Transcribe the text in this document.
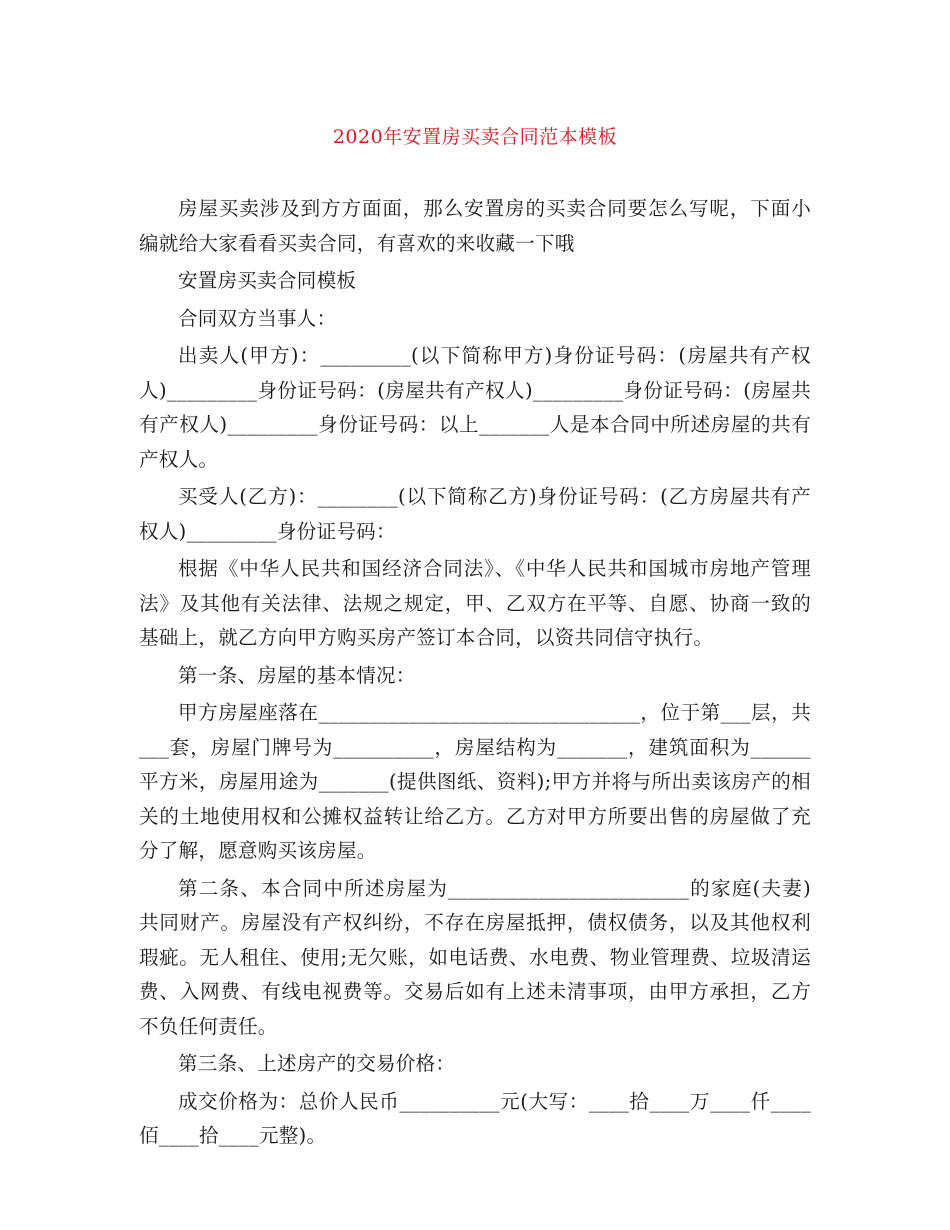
2020年安置房买卖合同范本模板

房屋买卖涉及到方方面面，那么安置房的买卖合同要怎么写呢，下面小编就给大家看看买卖合同，有喜欢的来收藏一下哦

安置房买卖合同模板

合同双方当事人：

出卖人(甲方)：_________(以下简称甲方)身份证号码：(房屋共有产权人)_________身份证号码：(房屋共有产权人)_________身份证号码：(房屋共有产权人)_________身份证号码：以上_______人是本合同中所述房屋的共有产权人。

买受人(乙方)：________(以下简称乙方)身份证号码：(乙方房屋共有产权人)_________身份证号码：

根据《中华人民共和国经济合同法》、《中华人民共和国城市房地产管理法》及其他有关法律、法规之规定，甲、乙双方在平等、自愿、协商一致的基础上，就乙方向甲方购买房产签订本合同，以资共同信守执行。

第一条、房屋的基本情况：

甲方房屋座落在________________________________，位于第___层，共___套，房屋门牌号为__________，房屋结构为_______，建筑面积为______平方米，房屋用途为_______(提供图纸、资料);甲方并将与所出卖该房产的相关的土地使用权和公摊权益转让给乙方。乙方对甲方所要出售的房屋做了充分了解，愿意购买该房屋。

第二条、本合同中所述房屋为________________________的家庭(夫妻)共同财产。房屋没有产权纠纷，不存在房屋抵押，债权债务，以及其他权利瑕疵。无人租住、使用;无欠账，如电话费、水电费、物业管理费、垃圾清运费、入网费、有线电视费等。交易后如有上述未清事项，由甲方承担，乙方不负任何责任。

第三条、上述房产的交易价格：

成交价格为：总价人民币__________元(大写：____拾____万____仟____佰____拾____元整)。
